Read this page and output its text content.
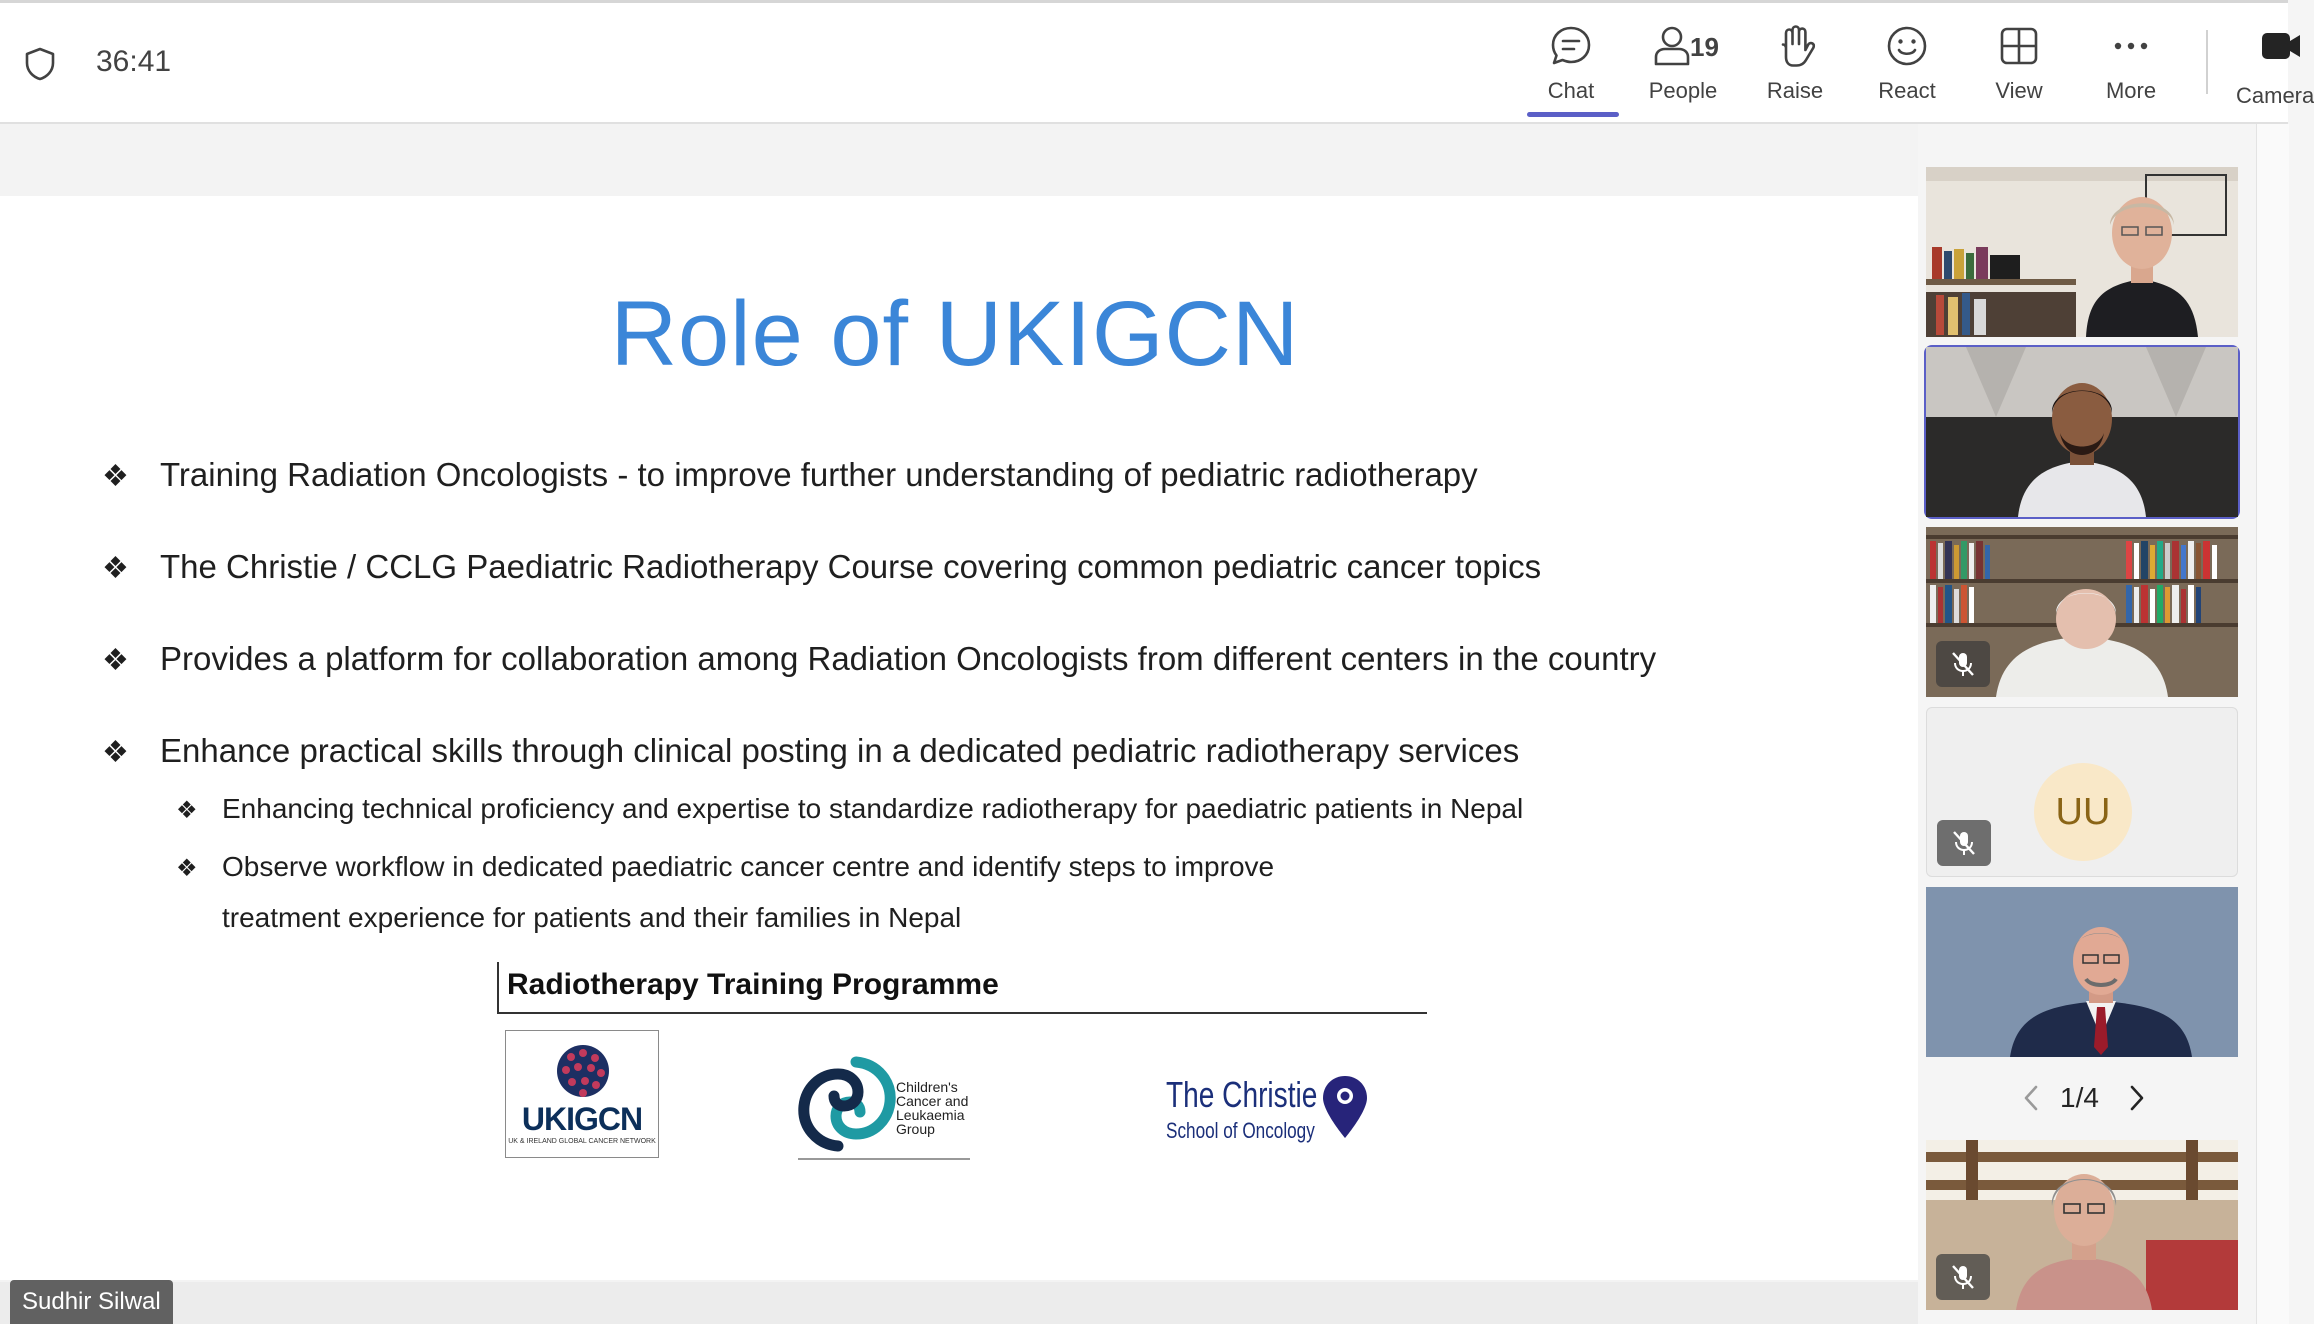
36:41
Chat	People
19
Raise	React	View	More	Camera
Role of UKIGCN
❖ Training Radiation Oncologists - to improve further understanding of pediatric radiotherapy
❖ The Christie / CCLG Paediatric Radiotherapy Course covering common pediatric cancer topics
❖ Provides a platform for collaboration among Radiation Oncologists from different centers in the country
❖ Enhance practical skills through clinical posting in a dedicated pediatric radiotherapy services
❖ Enhancing technical proficiency and expertise to standardize radiotherapy for paediatric patients in Nepal
❖ Observe workflow in dedicated paediatric cancer centre and identify steps to improve
treatment experience for patients and their families in Nepal
Radiotherapy Training Programme
UKIGCN
UK & IRELAND GLOBAL CANCER NETWORK
Children's
Cancer and
Leukaemia
Group
The Christie
School of Oncology
Sudhir Silwal
UU
1/4
